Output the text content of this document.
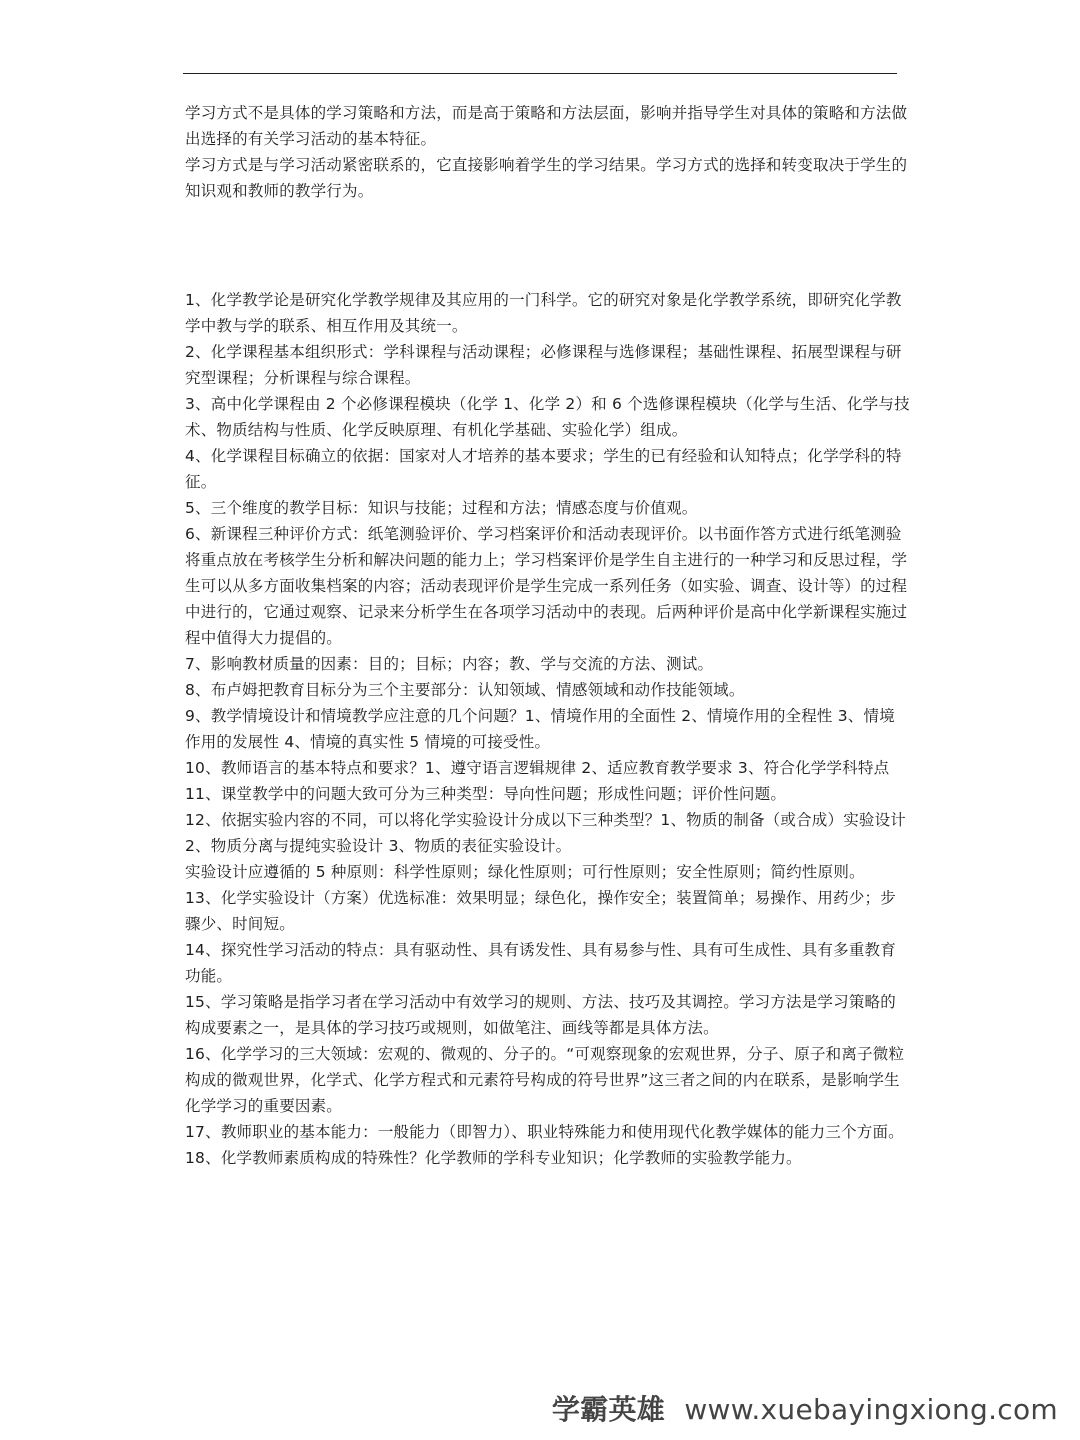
学习方式不是具体的学习策略和方法，而是高于策略和方法层面，影响并指导学生对具体的策略和方法做出选择的有关学习活动的基本特征。

学习方式是与学习活动紧密联系的，它直接影响着学生的学习结果。学习方式的选择和转变取决于学生的知识观和教师的教学行为。

1、化学教学论是研究化学教学规律及其应用的一门科学。它的研究对象是化学教学系统，即研究化学教学中教与学的联系、相互作用及其统一。

2、化学课程基本组织形式：学科课程与活动课程；必修课程与选修课程；基础性课程、拓展型课程与研究型课程；分析课程与综合课程。

3、高中化学课程由 2 个必修课程模块（化学 1、化学 2）和 6 个选修课程模块（化学与生活、化学与技术、物质结构与性质、化学反映原理、有机化学基础、实验化学）组成。

4、化学课程目标确立的依据：国家对人才培养的基本要求；学生的已有经验和认知特点；化学学科的特征。

5、三个维度的教学目标：知识与技能；过程和方法；情感态度与价值观。

6、新课程三种评价方式：纸笔测验评价、学习档案评价和活动表现评价。以书面作答方式进行纸笔测验将重点放在考核学生分析和解决问题的能力上；学习档案评价是学生自主进行的一种学习和反思过程，学生可以从多方面收集档案的内容；活动表现评价是学生完成一系列任务（如实验、调查、设计等）的过程中进行的，它通过观察、记录来分析学生在各项学习活动中的表现。后两种评价是高中化学新课程实施过程中值得大力提倡的。

7、影响教材质量的因素：目的；目标；内容；教、学与交流的方法、测试。

8、布卢姆把教育目标分为三个主要部分：认知领域、情感领域和动作技能领域。

9、教学情境设计和情境教学应注意的几个问题？1、情境作用的全面性 2、情境作用的全程性 3、情境作用的发展性 4、情境的真实性 5 情境的可接受性。

10、教师语言的基本特点和要求？1、遵守语言逻辑规律 2、适应教育教学要求 3、符合化学学科特点

11、课堂教学中的问题大致可分为三种类型：导向性问题；形成性问题；评价性问题。

12、依据实验内容的不同，可以将化学实验设计分成以下三种类型？1、物质的制备（或合成）实验设计 2、物质分离与提纯实验设计 3、物质的表征实验设计。

实验设计应遵循的 5 种原则：科学性原则；绿化性原则；可行性原则；安全性原则；简约性原则。

13、化学实验设计（方案）优选标准：效果明显；绿色化，操作安全；装置简单；易操作、用药少；步骤少、时间短。

14、探究性学习活动的特点：具有驱动性、具有诱发性、具有易参与性、具有可生成性、具有多重教育功能。

15、学习策略是指学习者在学习活动中有效学习的规则、方法、技巧及其调控。学习方法是学习策略的构成要素之一，是具体的学习技巧或规则，如做笔注、画线等都是具体方法。

16、化学学习的三大领域：宏观的、微观的、分子的。“可观察现象的宏观世界，分子、原子和离子微粒构成的微观世界，化学式、化学方程式和元素符号构成的符号世界”这三者之间的内在联系，是影响学生化学学习的重要因素。

17、教师职业的基本能力：一般能力（即智力）、职业特殊能力和使用现代化教学媒体的能力三个方面。

18、化学教师素质构成的特殊性？化学教师的学科专业知识；化学教师的实验教学能力。

学霸英雄 www.xuebayingxiong.com
